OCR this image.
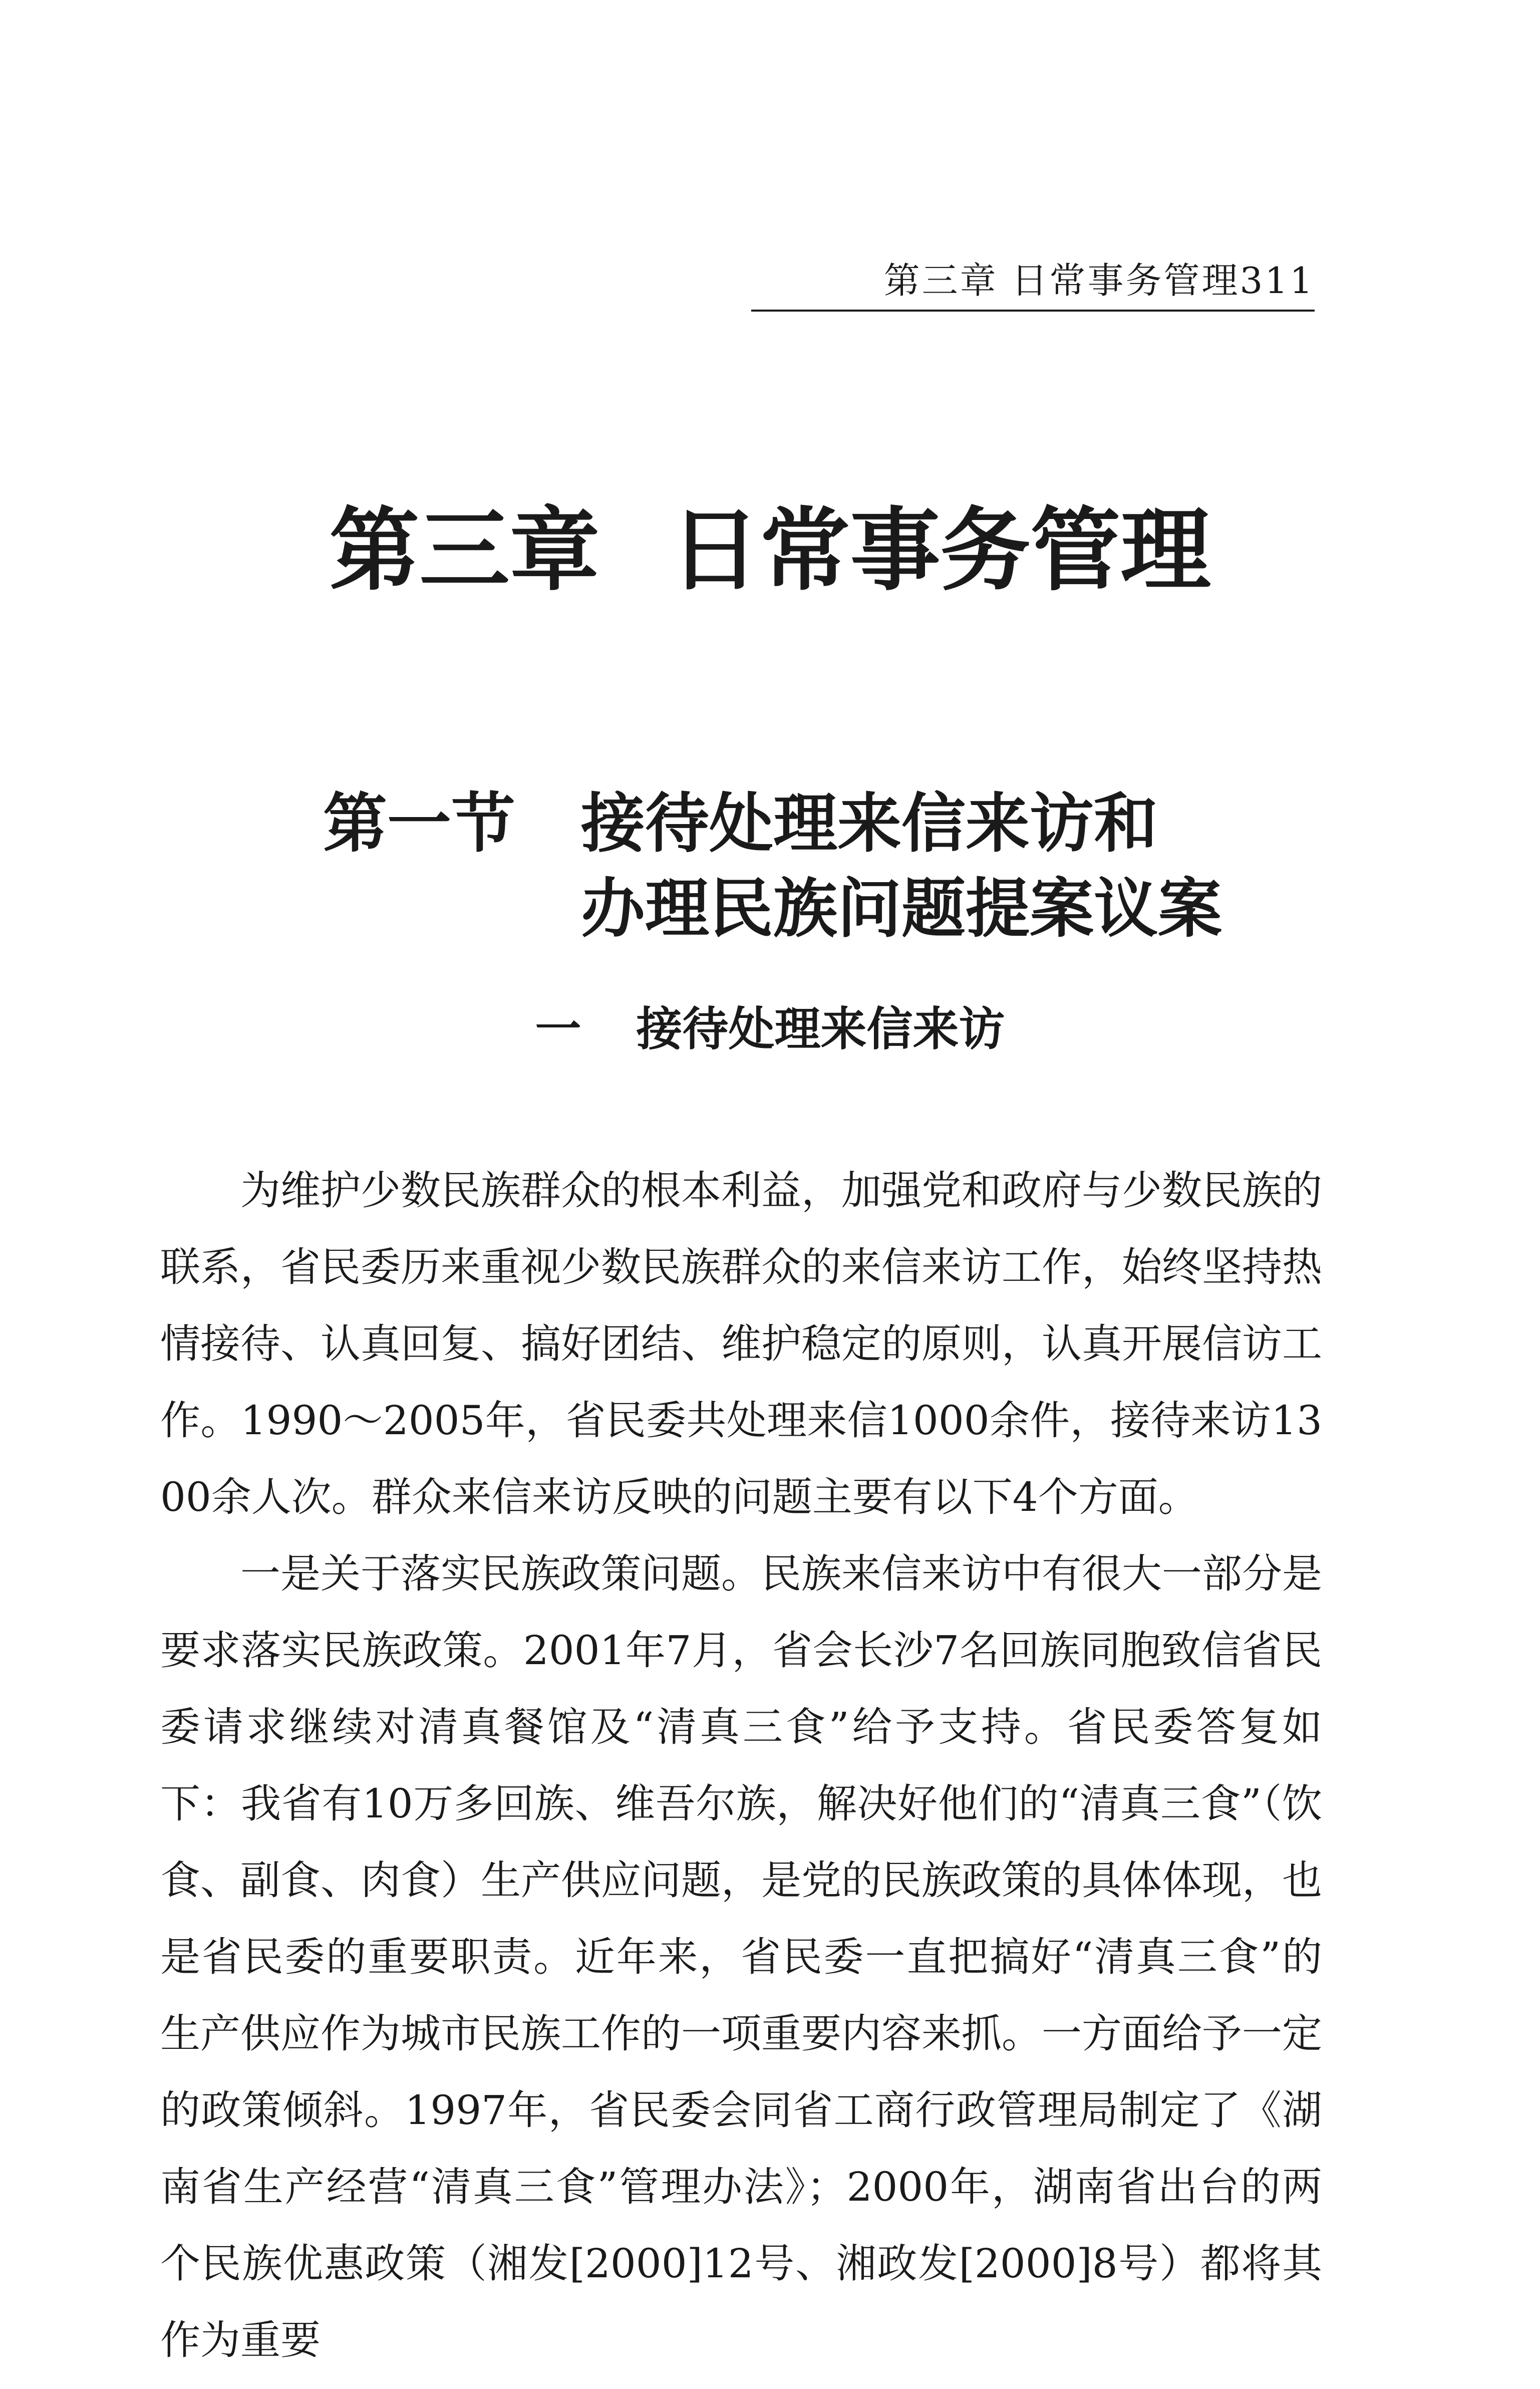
第三章 日常事务管理311
第三章 日常事务管理
第一节 接待处理来信来访和
办理民族问题提案议案
一 接待处理来信来访

为维护少数民族群众的根本利益，加强党和政府与少数民族的联系，省民委历来重视少数民族群众的来信来访工作，始终坚持热情接待、认真回复、搞好团结、维护稳定的原则，认真开展信访工作。1990～2005年，省民委共处理来信1000余件，接待来访1300余人次。群众来信来访反映的问题主要有以下4个方面。

一是关于落实民族政策问题。民族来信来访中有很大一部分是要求落实民族政策。2001年7月，省会长沙7名回族同胞致信省民委请求继续对清真餐馆及“清真三食”给予支持。省民委答复如下：我省有10万多回族、维吾尔族，解决好他们的“清真三食”（饮食、副食、肉食）生产供应问题，是党的民族政策的具体体现，也是省民委的重要职责。近年来，省民委一直把搞好“清真三食”的生产供应作为城市民族工作的一项重要内容来抓。一方面给予一定的政策倾斜。1997年，省民委会同省工商行政管理局制定了《湖南省生产经营“清真三食”管理办法》；2000年，湖南省出台的两个民族优惠政策（湘发[2000]12号、湘政发[2000]8号）都将其作为重要
